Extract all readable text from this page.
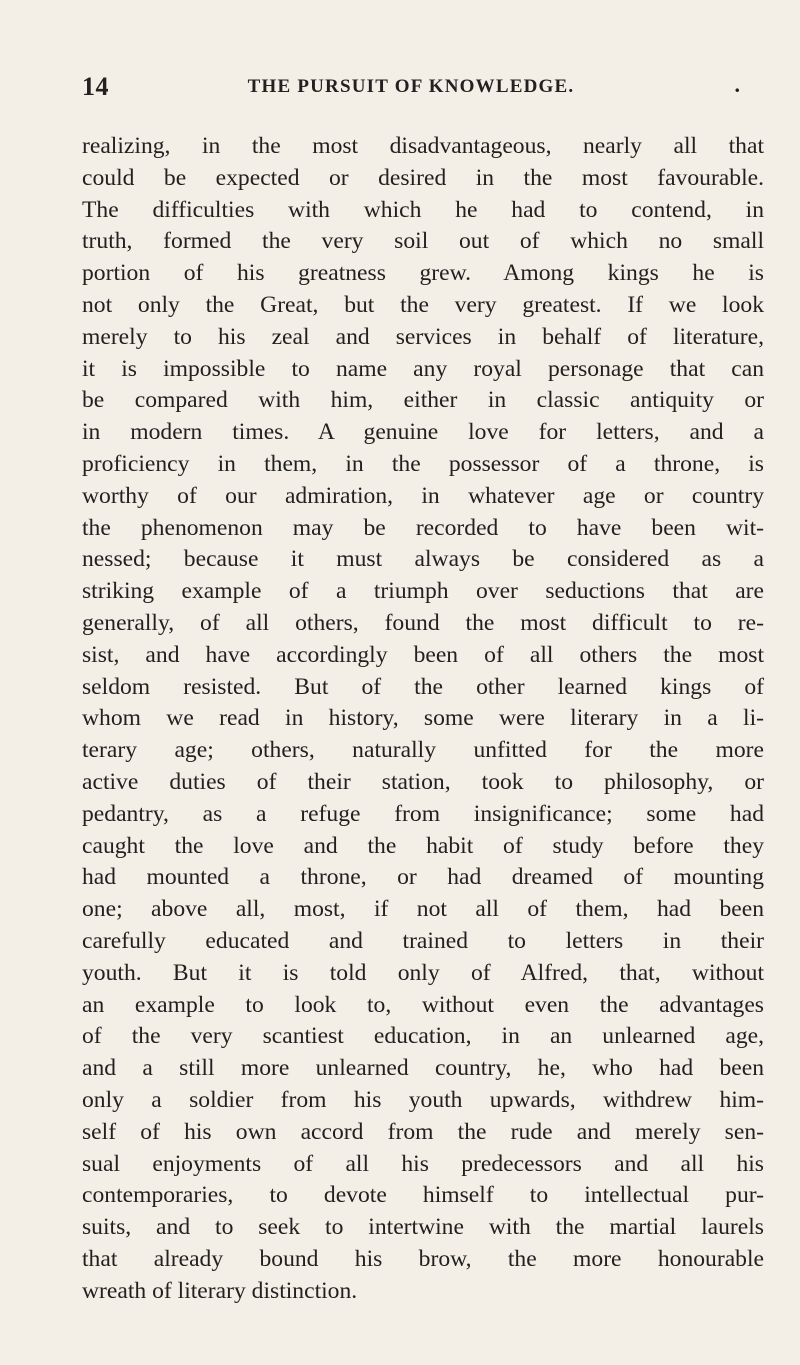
14	THE PURSUIT OF KNOWLEDGE.	.
realizing, in the most disadvantageous, nearly all that
could be expected or desired in the most favourable.
The difficulties with which he had to contend, in
truth, formed the very soil out of which no small
portion of his greatness grew. Among kings he is
not only the Great, but the very greatest. If we look
merely to his zeal and services in behalf of literature,
it is impossible to name any royal personage that can
be compared with him, either in classic antiquity or
in modern times. A genuine love for letters, and a
proficiency in them, in the possessor of a throne, is
worthy of our admiration, in whatever age or country
the phenomenon may be recorded to have been wit-
nessed; because it must always be considered as a
striking example of a triumph over seductions that are
generally, of all others, found the most difficult to re-
sist, and have accordingly been of all others the most
seldom resisted. But of the other learned kings of
whom we read in history, some were literary in a li-
terary age; others, naturally unfitted for the more
active duties of their station, took to philosophy, or
pedantry, as a refuge from insignificance; some had
caught the love and the habit of study before they
had mounted a throne, or had dreamed of mounting
one; above all, most, if not all of them, had been
carefully educated and trained to letters in their
youth. But it is told only of Alfred, that, without
an example to look to, without even the advantages
of the very scantiest education, in an unlearned age,
and a still more unlearned country, he, who had been
only a soldier from his youth upwards, withdrew him-
self of his own accord from the rude and merely sen-
sual enjoyments of all his predecessors and all his
contemporaries, to devote himself to intellectual pur-
suits, and to seek to intertwine with the martial laurels
that already bound his brow, the more honourable
wreath of literary distinction.
